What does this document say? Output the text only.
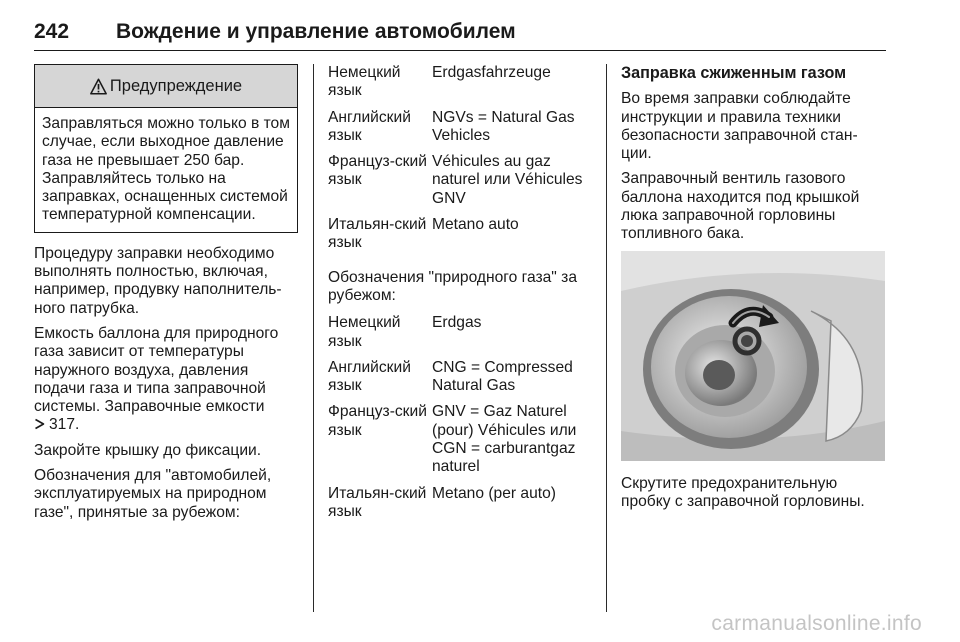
242 Вождение и управление автомобилем
Предупреждение
Заправляться можно только в том случае, если выходное давление газа не превышает 250 бар. Заправляйтесь только на заправках, оснащенных системой температурной компенсации.

Процедуру заправки необходимо выполнять полностью, включая, например, продувку наполнитель-ного патрубка.

Емкость баллона для природного газа зависит от температуры наружного воздуха, давления подачи газа и типа заправочной системы. Заправочные емкости
317.

Закройте крышку до фиксации.

Обозначения для "автомобилей, эксплуатируемых на природном газе", принятые за рубежом:

Немецкий язык
Erdgasfahrzeuge
Английский язык
NGVs = Natural Gas Vehicles
Француз-ский язык
Véhicules au gaz naturel или Véhicules GNV
Итальян-ский язык
Metano auto

Обозначения "природного газа" за рубежом:

Немецкий язык
Erdgas
Английский язык
CNG = Compressed Natural Gas
Француз-ский язык
GNV = Gaz Naturel (pour) Véhicules или CGN = carburantgaz naturel
Итальян-ский язык
Metano (per auto)
Заправка сжиженным газом

Во время заправки соблюдайте инструкции и правила техники безопасности заправочной стан-ции.

Заправочный вентиль газового баллона находится под крышкой люка заправочной горловины топливного бака.

Скрутите предохранительную пробку с заправочной горловины.

carmanualsonline.info
